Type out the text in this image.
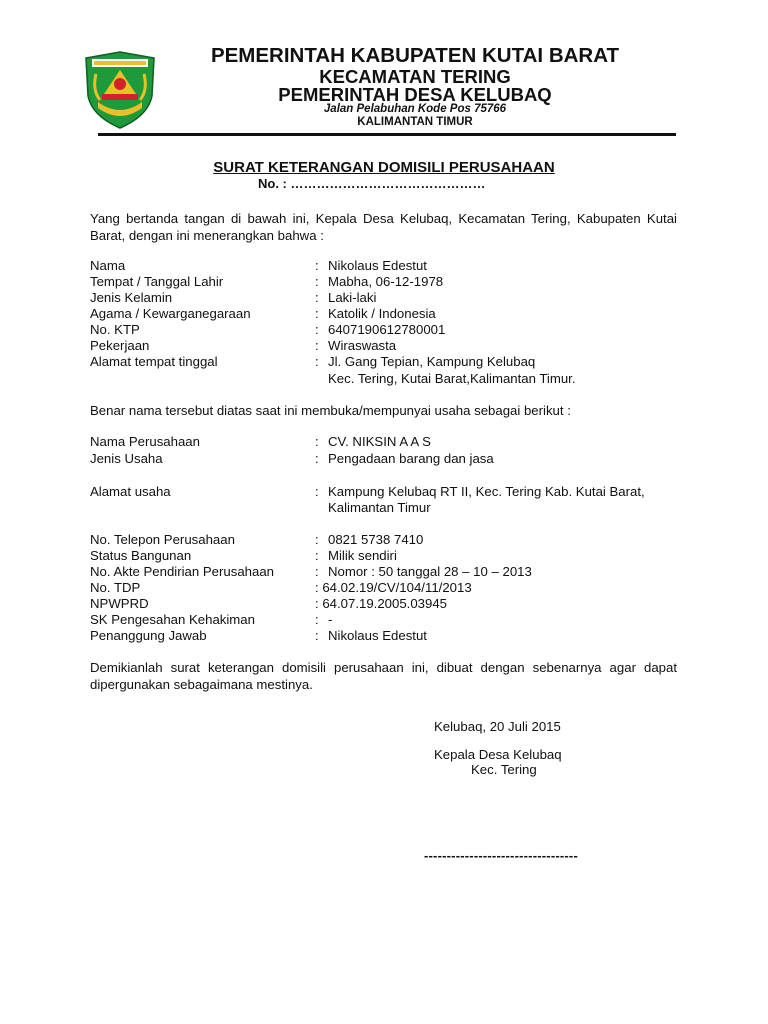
PEMERINTAH KABUPATEN KUTAI BARAT
KECAMATAN TERING
PEMERINTAH DESA KELUBAQ
Jalan Pelabuhan Kode Pos 75766
KALIMANTAN TIMUR
SURAT KETERANGAN DOMISILI PERUSAHAAN
No. : ………………………………………
Yang bertanda tangan di bawah ini, Kepala Desa Kelubaq, Kecamatan Tering, Kabupaten Kutai Barat, dengan ini menerangkan bahwa :
Nama	: Nikolaus Edestut
Tempat / Tanggal Lahir	: Mabha, 06-12-1978
Jenis Kelamin	: Laki-laki
Agama / Kewarganegaraan	: Katolik / Indonesia
No. KTP	: 6407190612780001
Pekerjaan	: Wiraswasta
Alamat tempat tinggal	: Jl. Gang Tepian, Kampung Kelubaq
Kec. Tering, Kutai Barat,Kalimantan Timur.
Benar nama tersebut diatas saat ini membuka/mempunyai usaha sebagai berikut :
Nama Perusahaan	: CV. NIKSIN A A S
Jenis Usaha	: Pengadaan barang dan jasa
Alamat usaha	: Kampung Kelubaq RT II, Kec. Tering Kab. Kutai Barat,
Kalimantan Timur
No. Telepon Perusahaan	: 0821 5738 7410
Status Bangunan	: Milik sendiri
No. Akte Pendirian Perusahaan	: Nomor : 50 tanggal 28 – 10 – 2013
No. TDP	: 64.02.19/CV/104/11/2013
NPWPRD	: 64.07.19.2005.03945
SK Pengesahan Kehakiman	: -
Penanggung Jawab	: Nikolaus Edestut
Demikianlah surat keterangan domisili perusahaan ini, dibuat dengan sebenarnya agar dapat dipergunakan sebagaimana mestinya.
Kelubaq, 20 Juli 2015
Kepala Desa Kelubaq
Kec. Tering
----------------------------------
